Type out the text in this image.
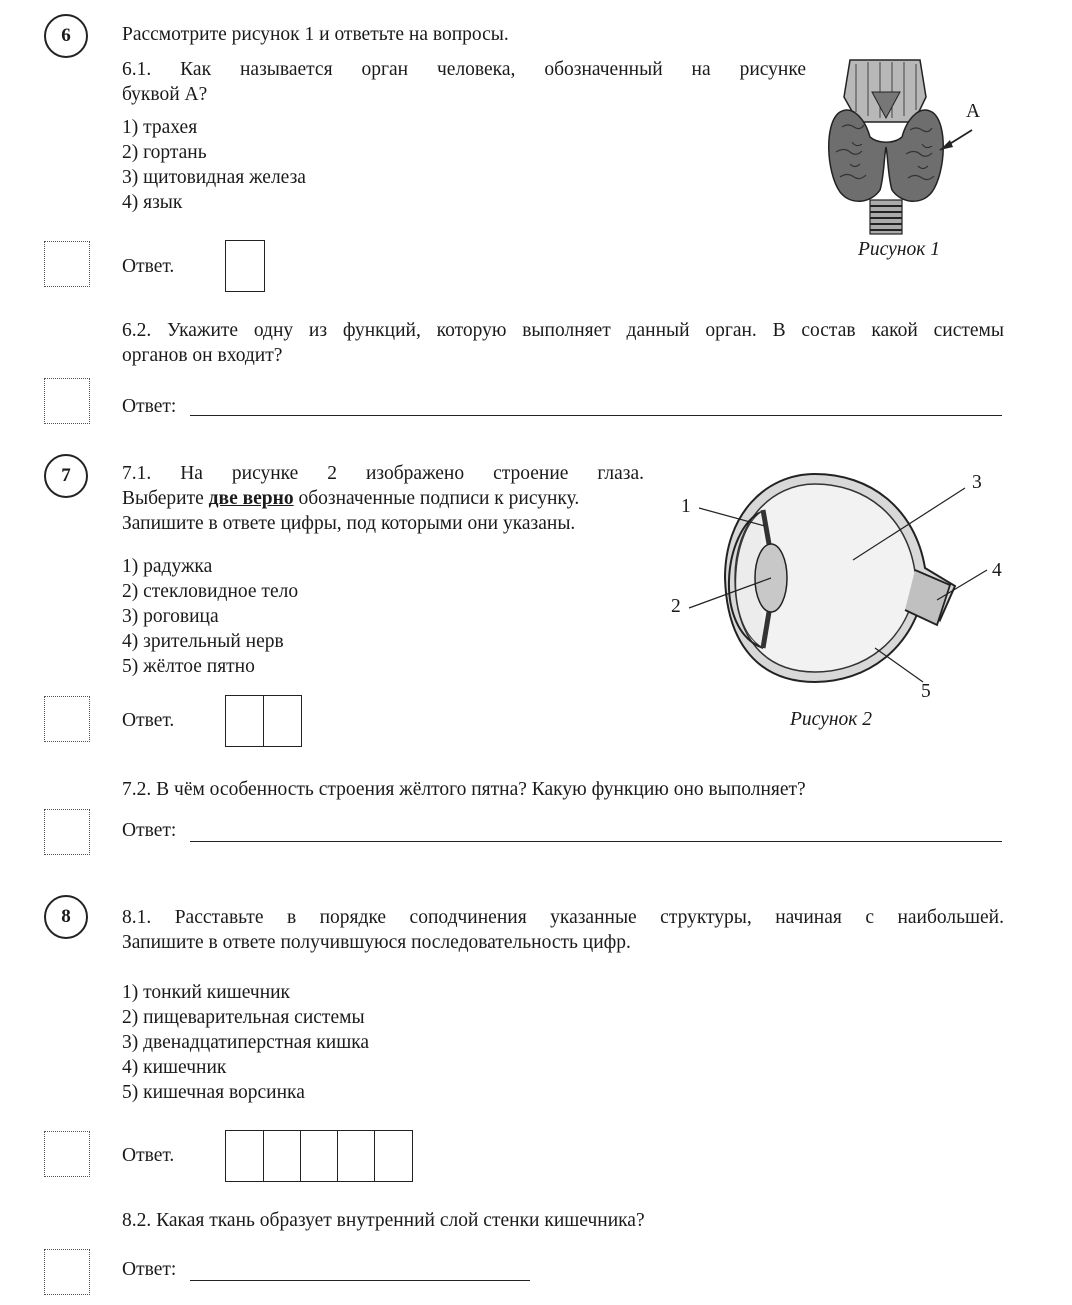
6	Рассмотрите рисунок 1 и ответьте на вопросы.
6.1. Как называется орган человека, обозначенный на рисунке
буквой А?
1) трахея
2) гортань
3) щитовидная железа
4) язык
А
Рисунок 1
Ответ.
6.2. Укажите одну из функций, которую выполняет данный орган. В состав какой системы
органов он входит?
Ответ:
7	7.1. На рисунке 2 изображено строение глаза.
Выберите две верно обозначенные подписи к рисунку.
Запишите в ответе цифры, под которыми они указаны.
1) радужка
2) стекловидное тело
3) роговица
4) зрительный нерв
5) жёлтое пятно
1
2
3
4
5
Рисунок 2
Ответ.
7.2. В чём особенность строения жёлтого пятна? Какую функцию оно выполняет?
Ответ:
8	8.1. Расставьте в порядке соподчинения указанные структуры, начиная с наибольшей.
Запишите в ответе получившуюся последовательность цифр.
1) тонкий кишечник
2) пищеварительная системы
3) двенадцатиперстная кишка
4) кишечник
5) кишечная ворсинка
Ответ.
8.2. Какая ткань образует внутренний слой стенки кишечника?
Ответ:
